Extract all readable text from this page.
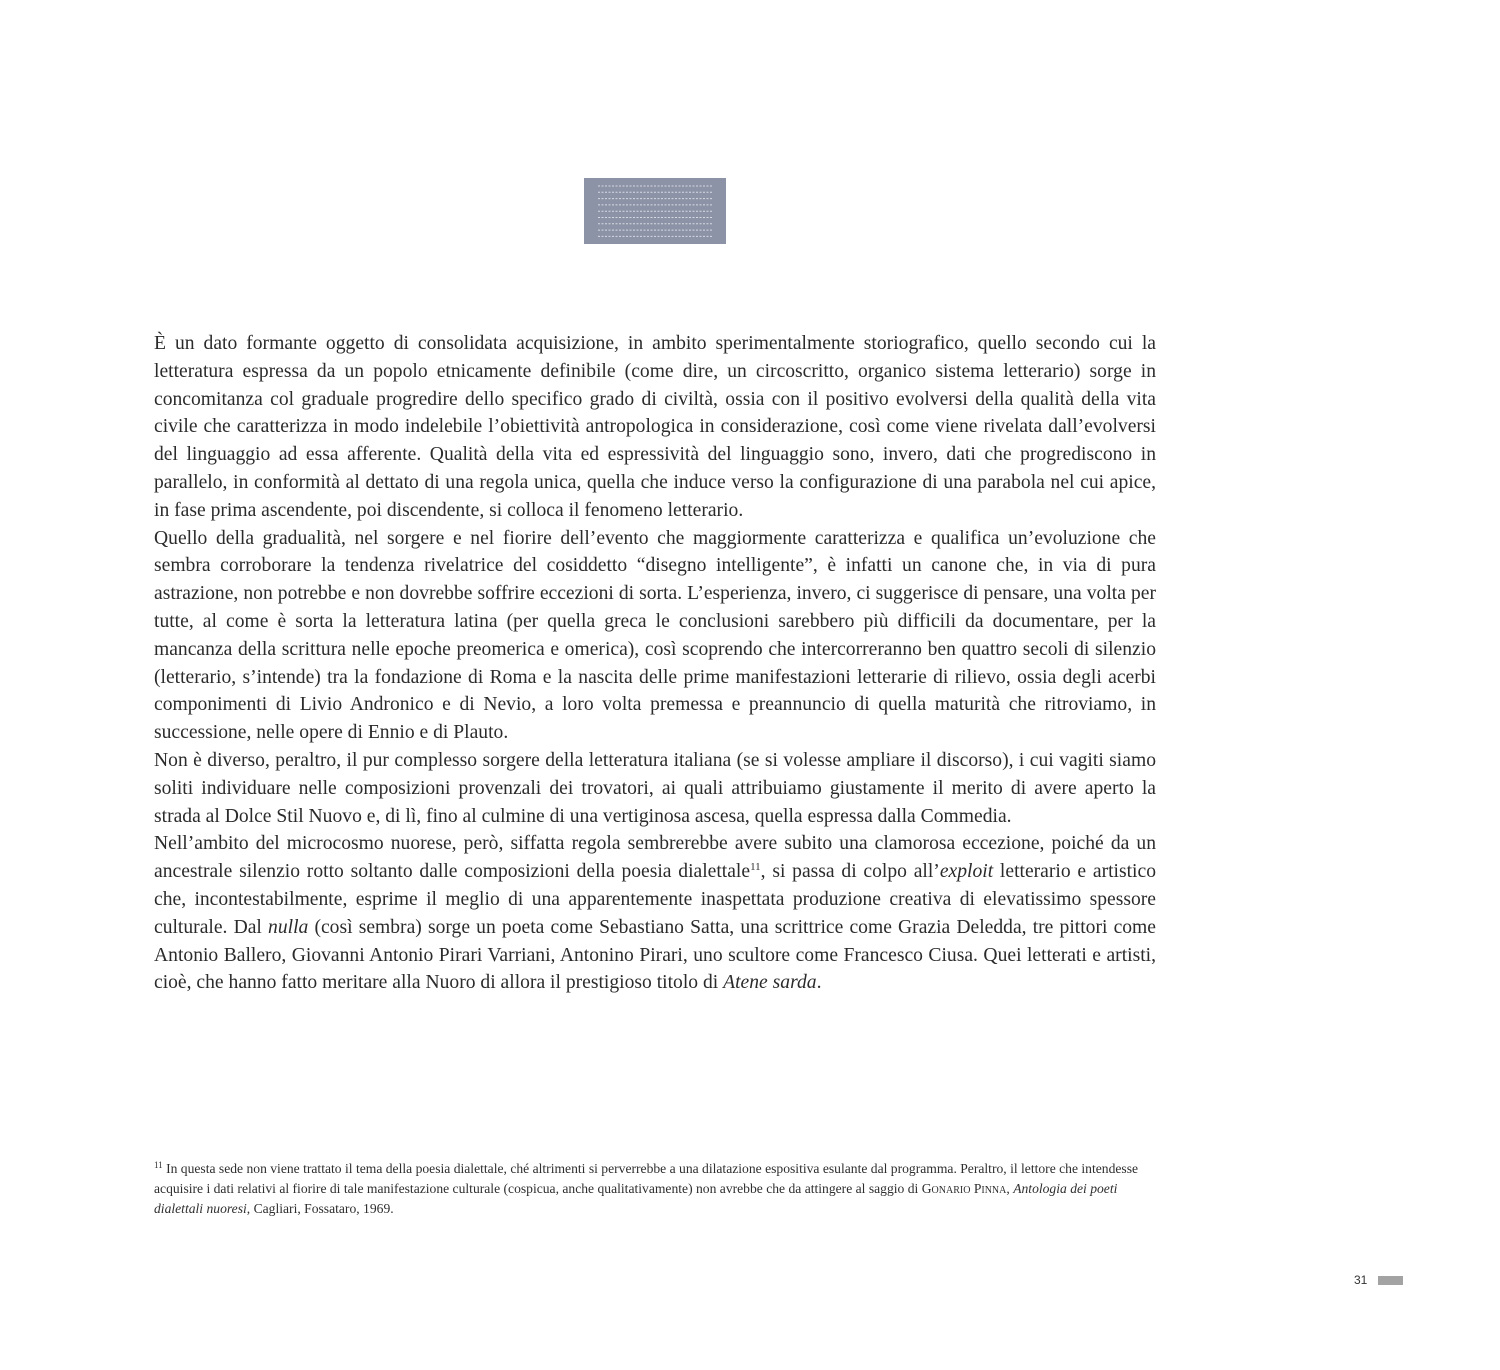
È un dato formante oggetto di consolidata acquisizione, in ambito sperimentalmente storiografico, quello secondo cui la letteratura espressa da un popolo etnicamente definibile (come dire, un circoscritto, organico sistema letterario) sorge in concomitanza col graduale progredire dello specifico grado di civiltà, ossia con il positivo evolversi della qualità della vita civile che caratterizza in modo indelebile l’obiettività antropologica in considerazione, così come viene rivelata dall’evolversi del linguaggio ad essa afferente. Qualità della vita ed espressività del linguaggio sono, invero, dati che progrediscono in parallelo, in conformità al dettato di una regola unica, quella che induce verso la configurazione di una parabola nel cui apice, in fase prima ascendente, poi discendente, si colloca il fenomeno letterario.

Quello della gradualità, nel sorgere e nel fiorire dell’evento che maggiormente caratterizza e qualifica un’evoluzione che sembra corroborare la tendenza rivelatrice del cosiddetto “disegno intelligente”, è infatti un canone che, in via di pura astrazione, non potrebbe e non dovrebbe soffrire eccezioni di sorta. L’esperienza, invero, ci suggerisce di pensare, una volta per tutte, al come è sorta la letteratura latina (per quella greca le conclusioni sarebbero più difficili da documentare, per la mancanza della scrittura nelle epoche preomerica e omerica), così scoprendo che intercorreranno ben quattro secoli di silenzio (letterario, s’intende) tra la fondazione di Roma e la nascita delle prime manifestazioni letterarie di rilievo, ossia degli acerbi componimenti di Livio Andronico e di Nevio, a loro volta premessa e preannuncio di quella maturità che ritroviamo, in successione, nelle opere di Ennio e di Plauto.

Non è diverso, peraltro, il pur complesso sorgere della letteratura italiana (se si volesse ampliare il discorso), i cui vagiti siamo soliti individuare nelle composizioni provenzali dei trovatori, ai quali attribuiamo giustamente il merito di avere aperto la strada al Dolce Stil Nuovo e, di lì, fino al culmine di una vertiginosa ascesa, quella espressa dalla Commedia.

Nell’ambito del microcosmo nuorese, però, siffatta regola sembrerebbe avere subito una clamorosa eccezione, poiché da un ancestrale silenzio rotto soltanto dalle composizioni della poesia dialettale$^{11}$, si passa di colpo all’exploit letterario e artistico che, incontestabilmente, esprime il meglio di una apparentemente inaspettata produzione creativa di elevatissimo spessore culturale. Dal nulla (così sembra) sorge un poeta come Sebastiano Satta, una scrittrice come Grazia Deledda, tre pittori come Antonio Ballero, Giovanni Antonio Pirari Varriani, Antonino Pirari, uno scultore come Francesco Ciusa. Quei letterati e artisti, cioè, che hanno fatto meritare alla Nuoro di allora il prestigioso titolo di Atene sarda.

$^{11}$ In questa sede non viene trattato il tema della poesia dialettale, ché altrimenti si perverrebbe a una dilatazione espositiva esulante dal programma. Peraltro, il lettore che intendesse acquisire i dati relativi al fiorire di tale manifestazione culturale (cospicua, anche qualitativamente) non avrebbe che da attingere al saggio di Gonario Pinna, Antologia dei poeti dialettali nuoresi, Cagliari, Fossataro, 1969.

31
